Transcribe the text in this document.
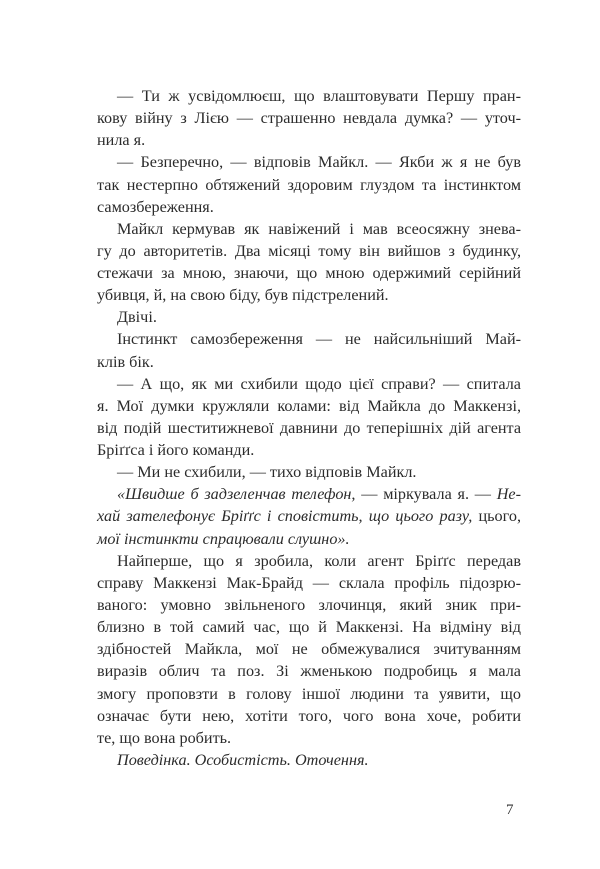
— Ти ж усвідомлюєш, що влаштовувати Першу пран-
кову війну з Лією — страшенно невдала думка? — уточ-
нила я.
— Безперечно, — відповів Майкл. — Якби ж я не був
так нестерпно обтяжений здоровим глуздом та інстинктом
самозбереження.
Майкл кермував як навіжений і мав всеосяжну знева-
гу до авторитетів. Два місяці тому він вийшов з будинку,
стежачи за мною, знаючи, що мною одержимий серійний
убивця, й, на свою біду, був підстрелений.
Двічі.
Інстинкт самозбереження — не найсильніший Май-
клів бік.
— А що, як ми схибили щодо цієї справи? — спитала
я. Мої думки кружляли колами: від Майкла до Маккензі,
від подій шеститижневої давнини до теперішніх дій агента
Бріґґса і його команди.
— Ми не схибили, — тихо відповів Майкл.
«Швидше б задзеленчав телефон, — міркувала я. — Не-
хай зателефонує Бріґґс і сповістить, що цього разу, цього,
мої інстинкти спрацювали слушно».
Найперше, що я зробила, коли агент Бріґґс передав
справу Маккензі Мак-Брайд — склала профіль підозрю-
ваного: умовно звільненого злочинця, який зник при-
близно в той самий час, що й Маккензі. На відміну від
здібностей Майкла, мої не обмежувалися зчитуванням
виразів облич та поз. Зі жменькою подробиць я мала
змогу проповзти в голову іншої людини та уявити, що
означає бути нею, хотіти того, чого вона хоче, робити
те, що вона робить.
Поведінка. Особистість. Оточення.
7
